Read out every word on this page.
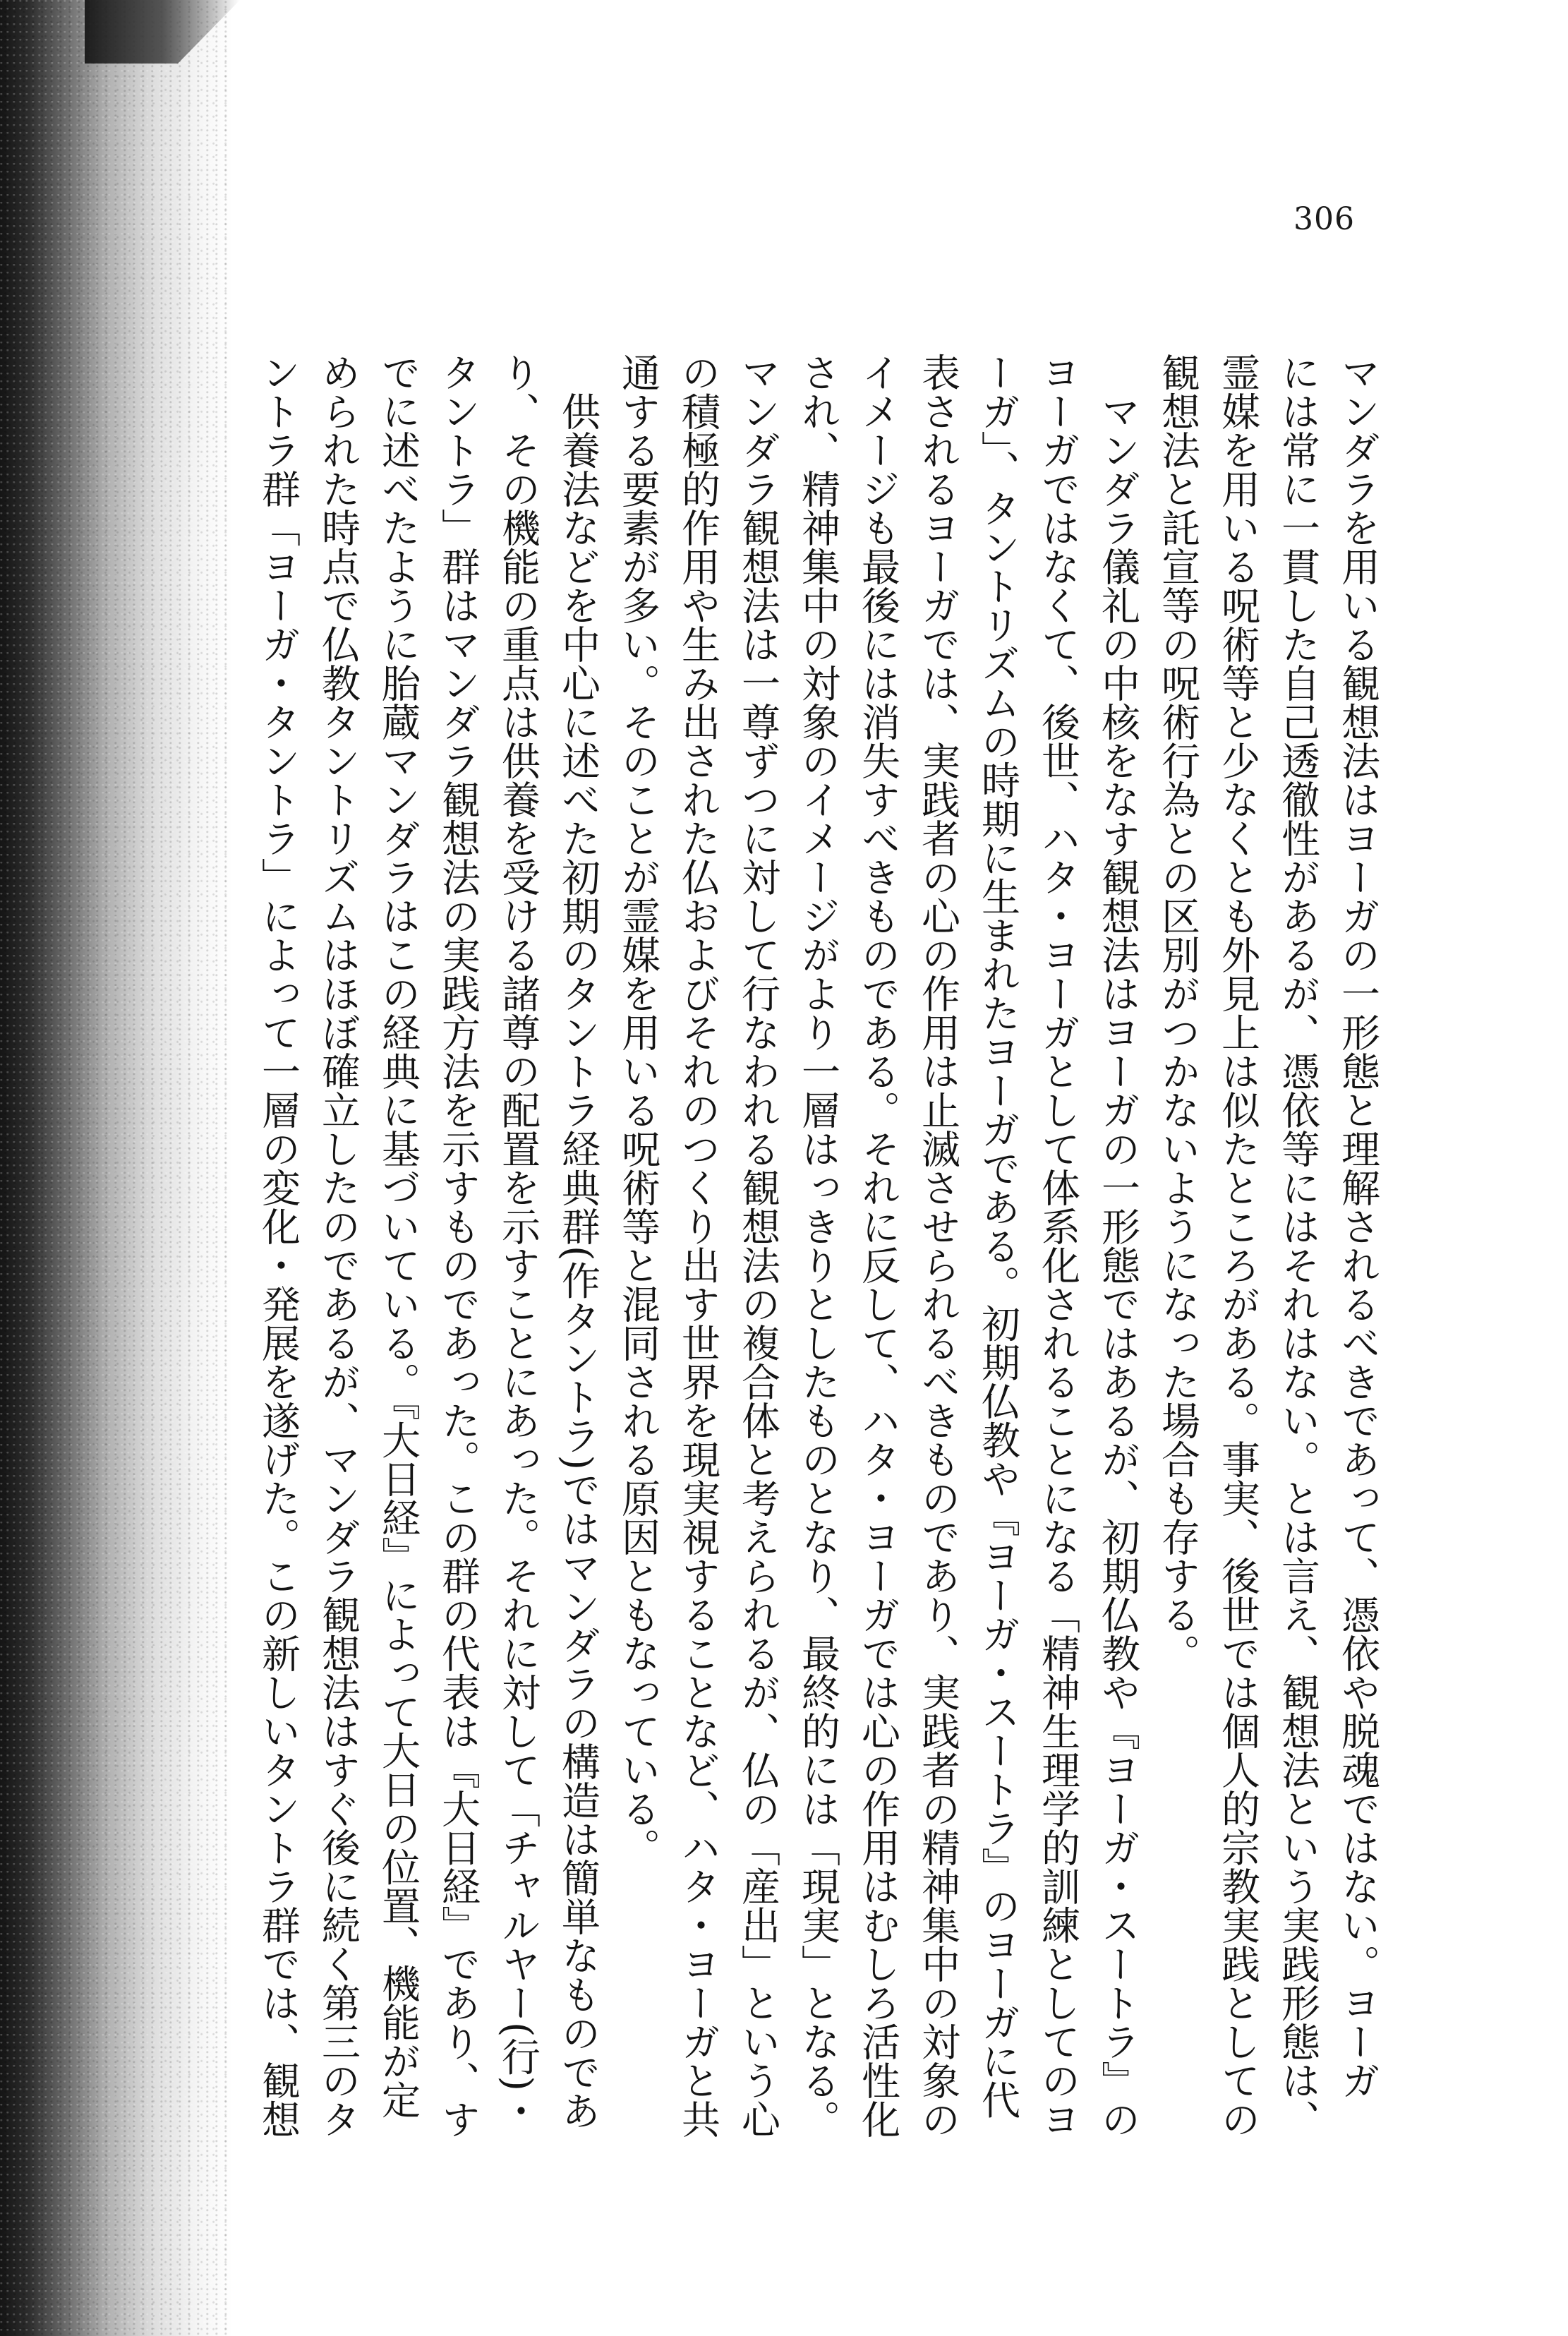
306

マンダラを用いる観想法はヨーガの一形態と理解されるべきであって、憑依や脱魂ではない。ヨーガ

には常に一貫した自己透徹性があるが、憑依等にはそれはない。とは言え、観想法という実践形態は、

霊媒を用いる呪術等と少なくとも外見上は似たところがある。事実、後世では個人的宗教実践としての

観想法と託宣等の呪術行為との区別がつかないようになった場合も存する。

　マンダラ儀礼の中核をなす観想法はヨーガの一形態ではあるが、初期仏教や『ヨーガ・スートラ』の

ヨーガではなくて、後世、ハタ・ヨーガとして体系化されることになる「精神生理学的訓練としてのヨ

ーガ」、タントリズムの時期に生まれたヨーガである。初期仏教や『ヨーガ・スートラ』のヨーガに代

表されるヨーガでは、実践者の心の作用は止滅させられるべきものであり、実践者の精神集中の対象の

イメージも最後には消失すべきものである。それに反して、ハタ・ヨーガでは心の作用はむしろ活性化

され、精神集中の対象のイメージがより一層はっきりとしたものとなり、最終的には「現実」となる。

マンダラ観想法は一尊ずつに対して行なわれる観想法の複合体と考えられるが、仏の「産出」という心

の積極的作用や生み出された仏およびそれのつくり出す世界を現実視することなど、ハタ・ヨーガと共

通する要素が多い。そのことが霊媒を用いる呪術等と混同される原因ともなっている。

　供養法などを中心に述べた初期のタントラ経典群(作タントラ)ではマンダラの構造は簡単なものであ

り、その機能の重点は供養を受ける諸尊の配置を示すことにあった。それに対して「チャルヤー(行)・

タントラ」群はマンダラ観想法の実践方法を示すものであった。この群の代表は『大日経』であり、す

でに述べたように胎蔵マンダラはこの経典に基づいている。『大日経』によって大日の位置、機能が定

められた時点で仏教タントリズムはほぼ確立したのであるが、マンダラ観想法はすぐ後に続く第三のタ

ントラ群「ヨーガ・タントラ」によって一層の変化・発展を遂げた。この新しいタントラ群では、観想
